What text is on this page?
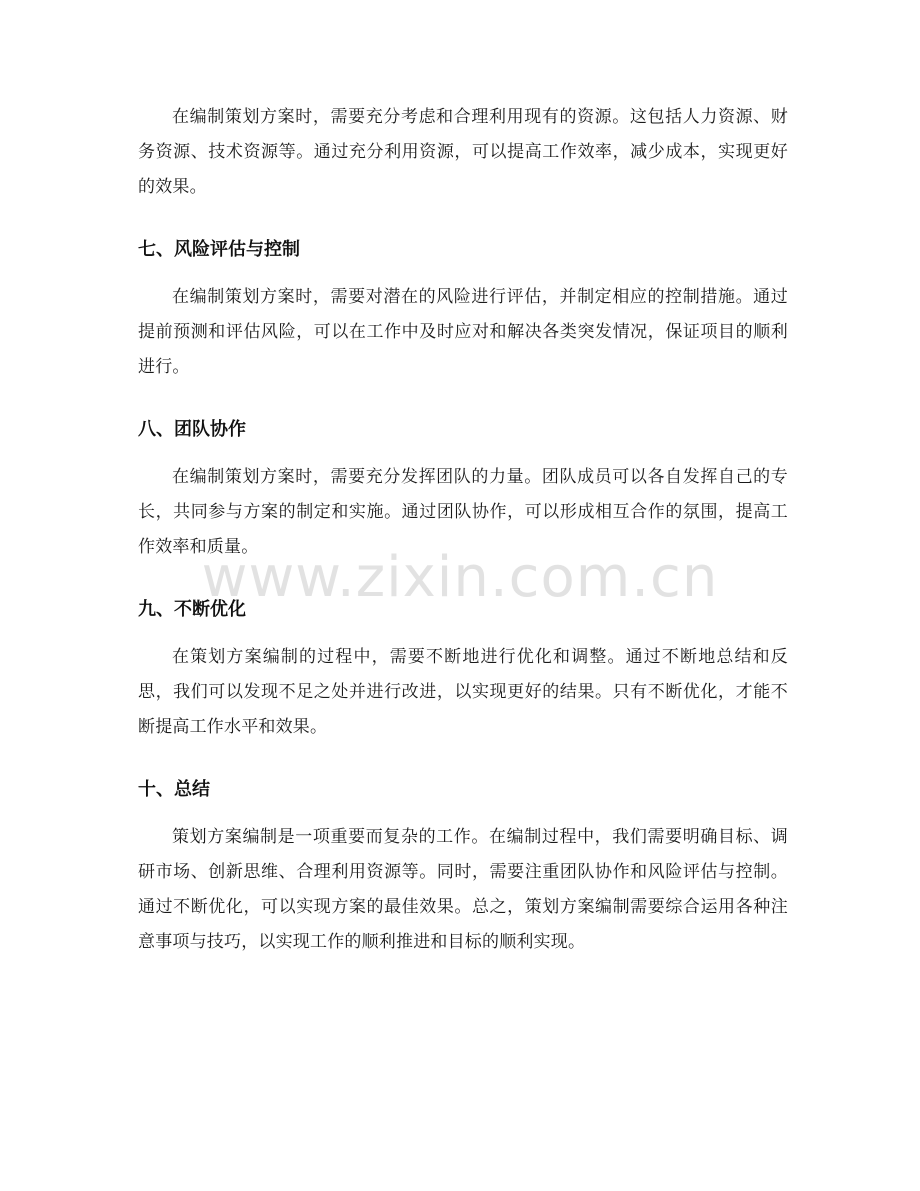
在编制策划方案时，需要充分考虑和合理利用现有的资源。这包括人力资源、财务资源、技术资源等。通过充分利用资源，可以提高工作效率，减少成本，实现更好的效果。

七、风险评估与控制

在编制策划方案时，需要对潜在的风险进行评估，并制定相应的控制措施。通过提前预测和评估风险，可以在工作中及时应对和解决各类突发情况，保证项目的顺利进行。

八、团队协作

在编制策划方案时，需要充分发挥团队的力量。团队成员可以各自发挥自己的专长，共同参与方案的制定和实施。通过团队协作，可以形成相互合作的氛围，提高工作效率和质量。

九、不断优化

在策划方案编制的过程中，需要不断地进行优化和调整。通过不断地总结和反思，我们可以发现不足之处并进行改进，以实现更好的结果。只有不断优化，才能不断提高工作水平和效果。

十、总结

策划方案编制是一项重要而复杂的工作。在编制过程中，我们需要明确目标、调研市场、创新思维、合理利用资源等。同时，需要注重团队协作和风险评估与控制。通过不断优化，可以实现方案的最佳效果。总之，策划方案编制需要综合运用各种注意事项与技巧，以实现工作的顺利推进和目标的顺利实现。

www.zixin.com.cn
